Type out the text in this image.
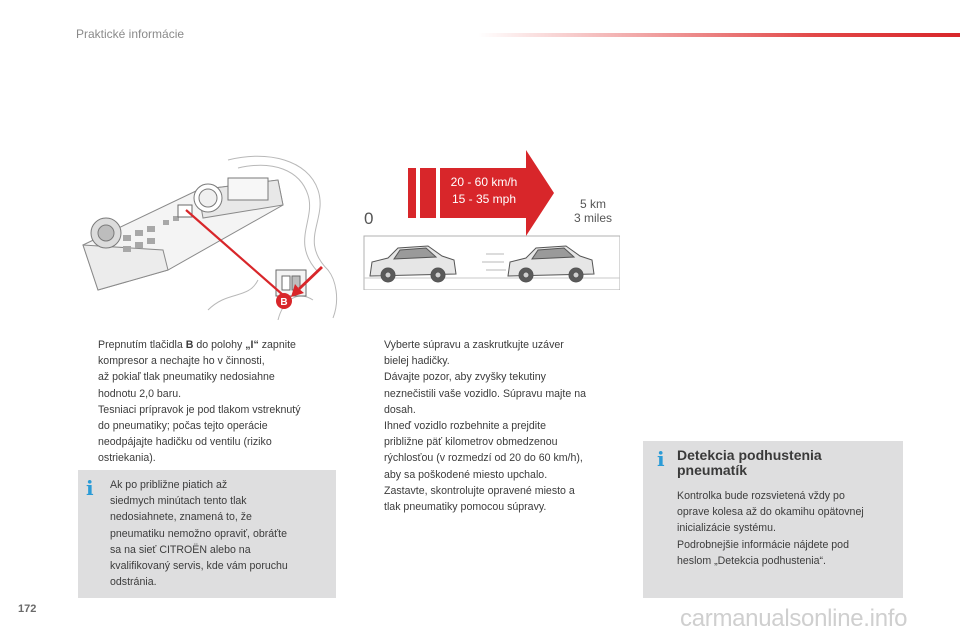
Praktické informácie
B
20 - 60 km/h
15 - 35 mph
0
5 km
3 miles
Prepnutím tlačidla B do polohy „I“ zapnite
kompresor a nechajte ho v činnosti,
až pokiaľ tlak pneumatiky nedosiahne
hodnotu 2,0 baru.
Tesniaci prípravok je pod tlakom vstreknutý
do pneumatiky; počas tejto operácie
neodpájajte hadičku od ventilu (riziko
ostriekania).
i Ak po približne piatich až
siedmych minútach tento tlak
nedosiahnete, znamená to, že
pneumatiku nemožno opraviť, obráťte
sa na sieť CITROËN alebo na
kvalifikovaný servis, kde vám poruchu
odstránia.
Vyberte súpravu a zaskrutkujte uzáver
bielej hadičky.
Dávajte pozor, aby zvyšky tekutiny
neznečistili vaše vozidlo. Súpravu majte na
dosah.
Ihneď vozidlo rozbehnite a prejdite
približne päť kilometrov obmedzenou
rýchlosťou (v rozmedzí od 20 do 60 km/h),
aby sa poškodené miesto upchalo.
Zastavte, skontrolujte opravené miesto a
tlak pneumatiky pomocou súpravy.
i Detekcia podhustenia
pneumatík
Kontrolka bude rozsvietená vždy po
oprave kolesa až do okamihu opätovnej
inicializácie systému.
Podrobnejšie informácie nájdete pod
heslom „Detekcia podhustenia“.
172	carmanualsonline.info
